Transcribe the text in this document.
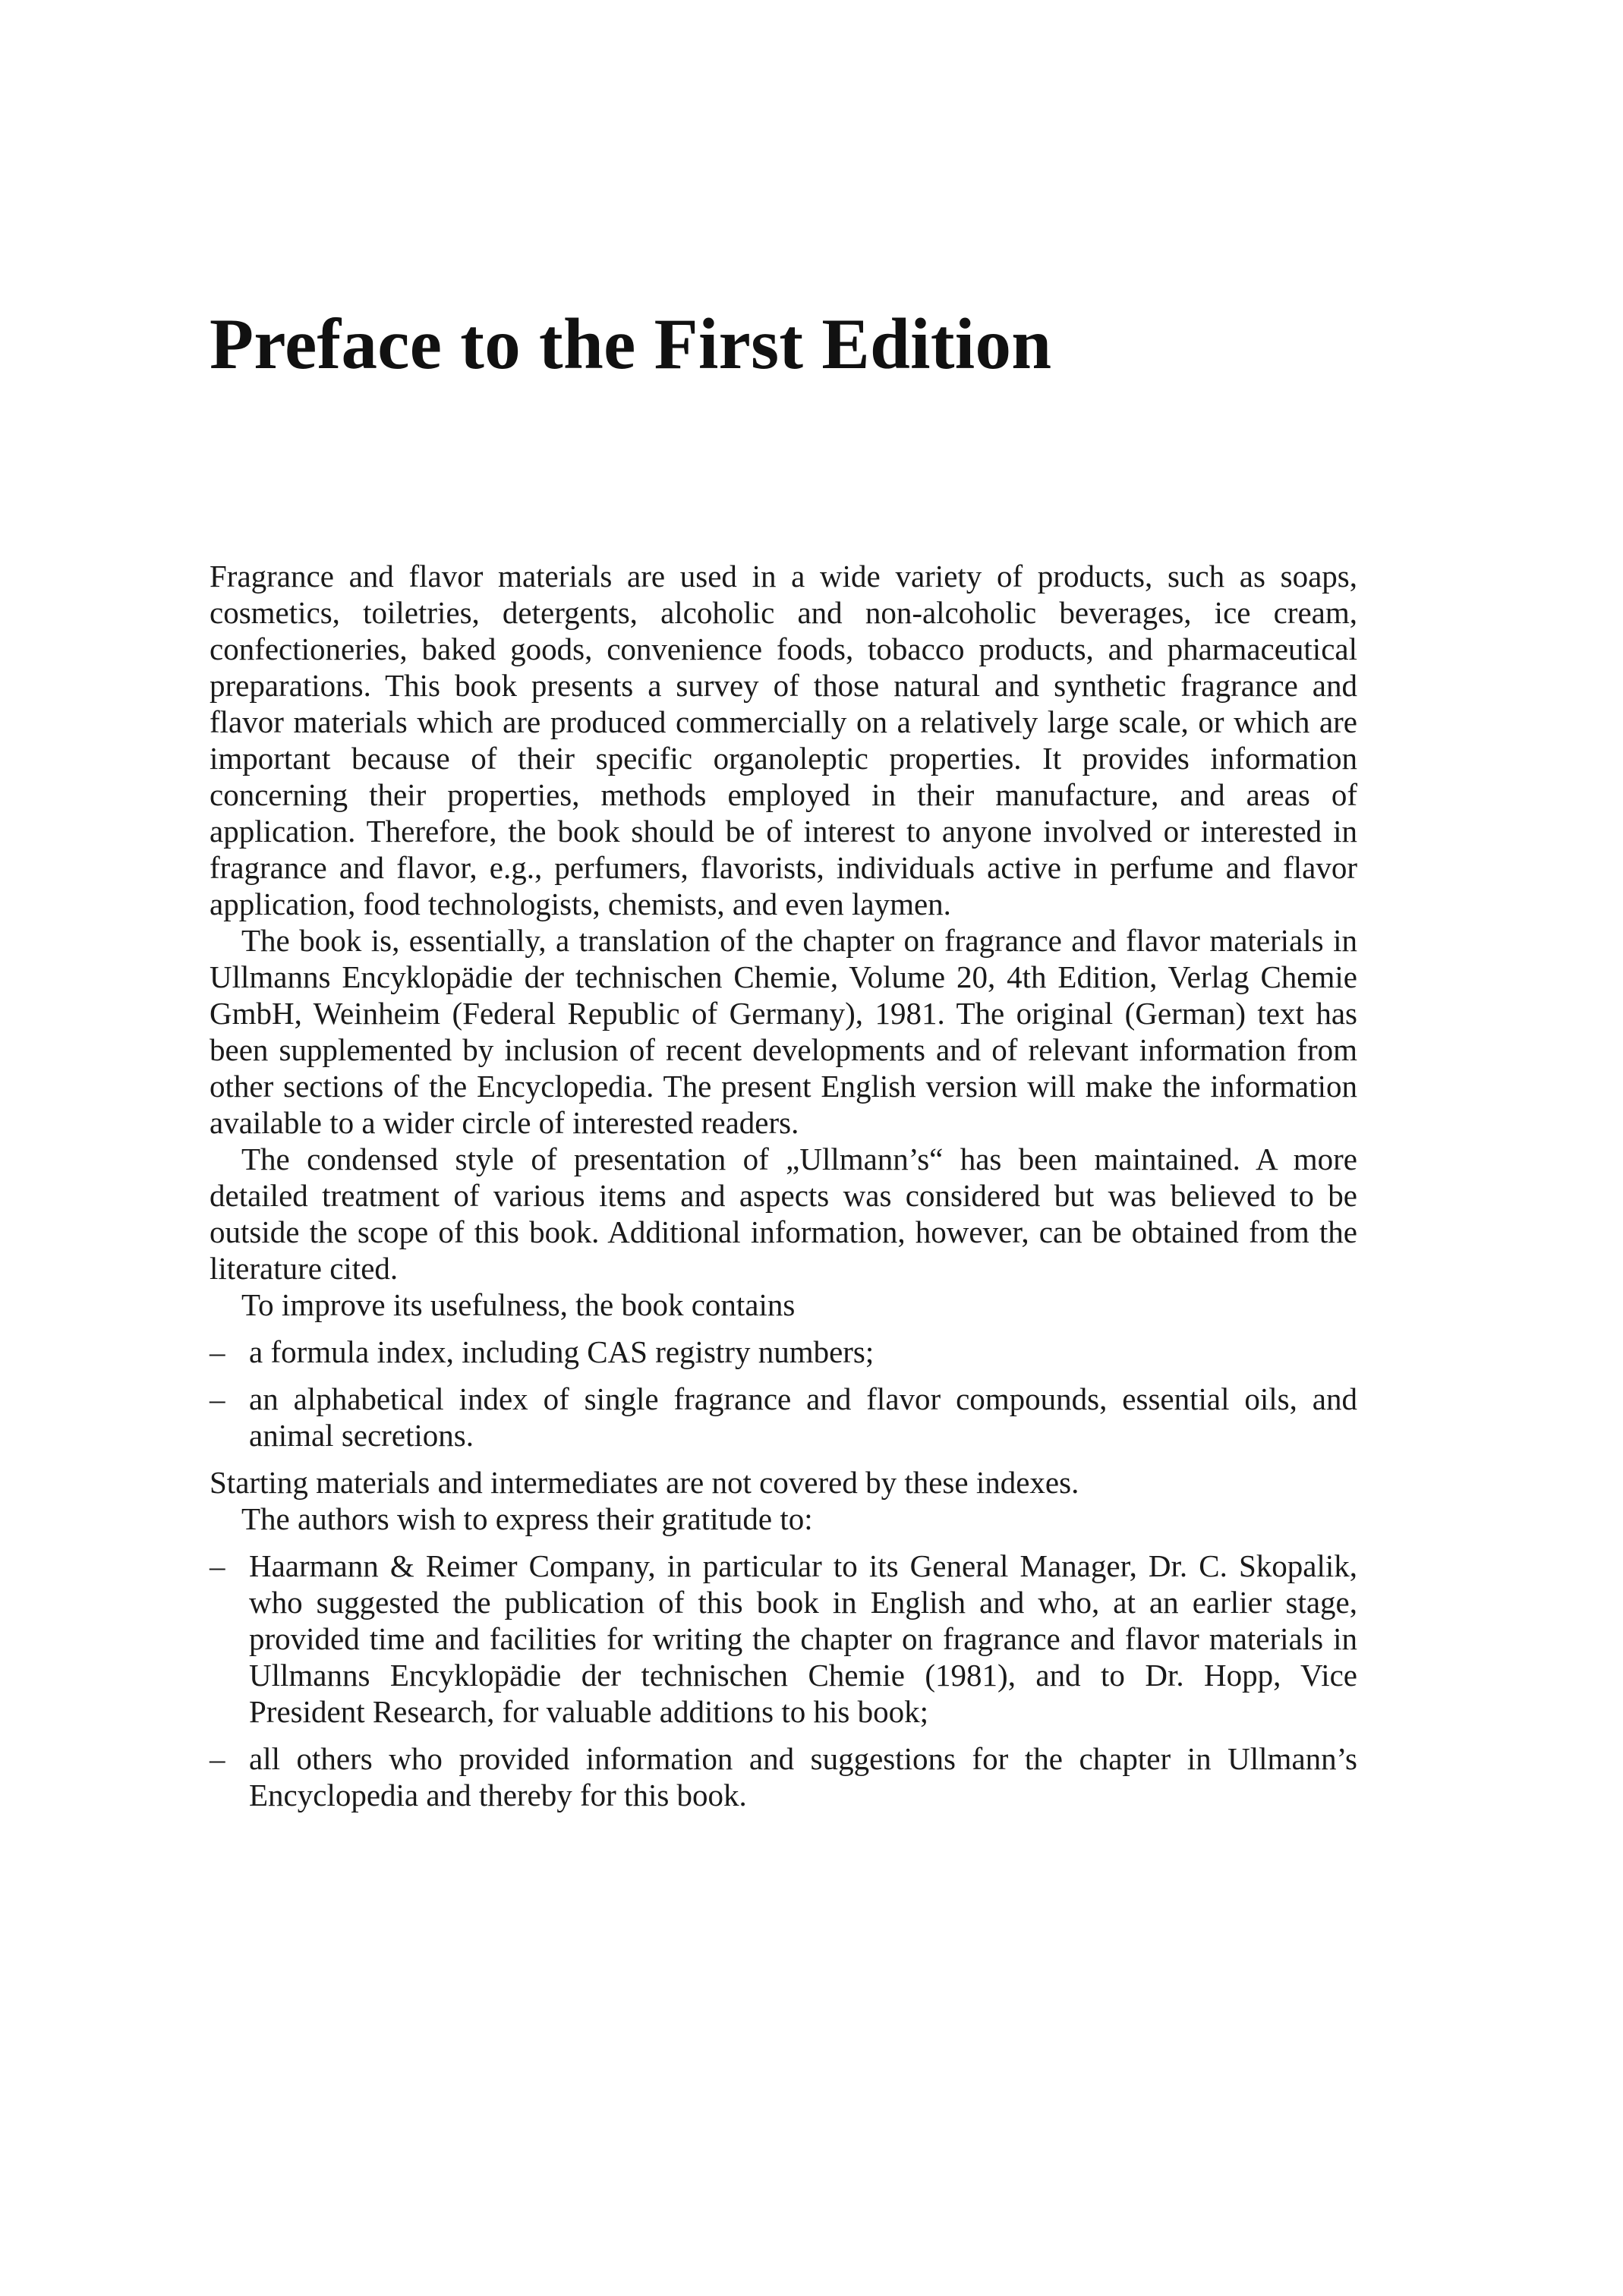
Preface to the First Edition

Fragrance and flavor materials are used in a wide variety of products, such as soaps, cosmetics, toiletries, detergents, alcoholic and non-alcoholic beverages, ice cream, confectioneries, baked goods, convenience foods, tobacco products, and pharmaceutical preparations. This book presents a survey of those natural and synthetic fragrance and flavor materials which are produced commercially on a relatively large scale, or which are important because of their specific organoleptic properties. It provides information concerning their properties, methods employed in their manufacture, and areas of application. Therefore, the book should be of interest to anyone involved or interested in fragrance and flavor, e.g., perfumers, flavorists, individuals active in perfume and flavor application, food technologists, chemists, and even laymen.

The book is, essentially, a translation of the chapter on fragrance and flavor materials in Ullmanns Encyklopädie der technischen Chemie, Volume 20, 4th Edition, Verlag Chemie GmbH, Weinheim (Federal Republic of Germany), 1981. The original (German) text has been supplemented by inclusion of recent developments and of relevant information from other sections of the Encyclopedia. The present English version will make the information available to a wider circle of interested readers.

The condensed style of presentation of „Ullmann’s“ has been maintained. A more detailed treatment of various items and aspects was considered but was believed to be outside the scope of this book. Additional information, however, can be obtained from the literature cited.

To improve its usefulness, the book contains

– a formula index, including CAS registry numbers;
– an alphabetical index of single fragrance and flavor compounds, essential oils, and animal secretions.

Starting materials and intermediates are not covered by these indexes.

The authors wish to express their gratitude to:

– Haarmann & Reimer Company, in particular to its General Manager, Dr. C. Skopalik, who suggested the publication of this book in English and who, at an earlier stage, provided time and facilities for writing the chapter on fragrance and flavor materials in Ullmanns Encyklopädie der technischen Chemie (1981), and to Dr. Hopp, Vice President Research, for valuable additions to his book;
– all others who provided information and suggestions for the chapter in Ullmann’s Encyclopedia and thereby for this book.
